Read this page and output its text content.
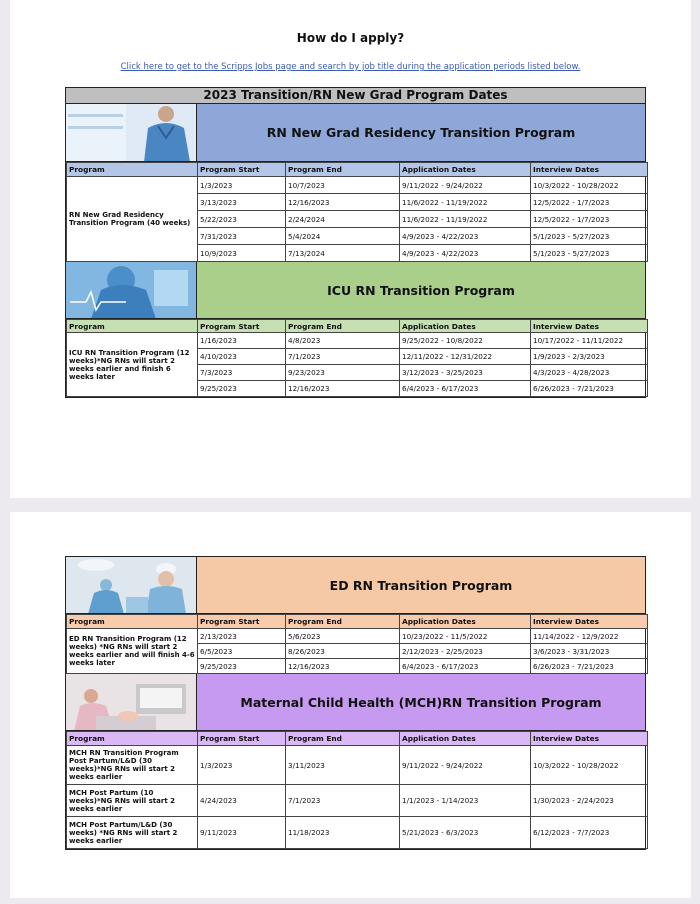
How do I apply?
Click here to get to the Scripps Jobs page and search by job title during the application periods listed below.
2023 Transition/RN New Grad Program Dates
RN New Grad Residency Transition Program
Program	Program Start	Program End	Application Dates	Interview Dates
RN New Grad Residency Transition Program (40 weeks)	1/3/2023	10/7/2023	9/11/2022 - 9/24/2022	10/3/2022 - 10/28/2022
	3/13/2023	12/16/2023	11/6/2022 - 11/19/2022	12/5/2022 - 1/7/2023
	5/22/2023	2/24/2024	11/6/2022 - 11/19/2022	12/5/2022 - 1/7/2023
	7/31/2023	5/4/2024	4/9/2023 - 4/22/2023	5/1/2023 - 5/27/2023
	10/9/2023	7/13/2024	4/9/2023 - 4/22/2023	5/1/2023 - 5/27/2023
ICU RN Transition Program
Program	Program Start	Program End	Application Dates	Interview Dates
ICU RN Transition Program (12 weeks)*NG RNs will start 2 weeks earlier and finish 6 weeks later	1/16/2023	4/8/2023	9/25/2022 - 10/8/2022	10/17/2022 - 11/11/2022
	4/10/2023	7/1/2023	12/11/2022 - 12/31/2022	1/9/2023 - 2/3/2023
	7/3/2023	9/23/2023	3/12/2023 - 3/25/2023	4/3/2023 - 4/28/2023
	9/25/2023	12/16/2023	6/4/2023 - 6/17/2023	6/26/2023 - 7/21/2023
ED RN Transition Program
Program	Program Start	Program End	Application Dates	Interview Dates
ED RN Transition Program (12 weeks) *NG RNs will start 2 weeks earlier and will finish 4-6 weeks later	2/13/2023	5/6/2023	10/23/2022 - 11/5/2022	11/14/2022 - 12/9/2022
	6/5/2023	8/26/2023	2/12/2023 - 2/25/2023	3/6/2023 - 3/31/2023
	9/25/2023	12/16/2023	6/4/2023 - 6/17/2023	6/26/2023 - 7/21/2023
Maternal Child Health (MCH)RN Transition Program
Program	Program Start	Program End	Application Dates	Interview Dates
MCH RN Transition Program Post Partum/L&D (30 weeks)*NG RNs will start 2 weeks earlier	1/3/2023	3/11/2023	9/11/2022 - 9/24/2022	10/3/2022 - 10/28/2022
MCH Post Partum (10 weeks)*NG RNs will start 2 weeks earlier	4/24/2023	7/1/2023	1/1/2023 - 1/14/2023	1/30/2023 - 2/24/2023
MCH Post Partum/L&D (30 weeks) *NG RNs will start 2 weeks earlier	9/11/2023	11/18/2023	5/21/2023 - 6/3/2023	6/12/2023 - 7/7/2023
